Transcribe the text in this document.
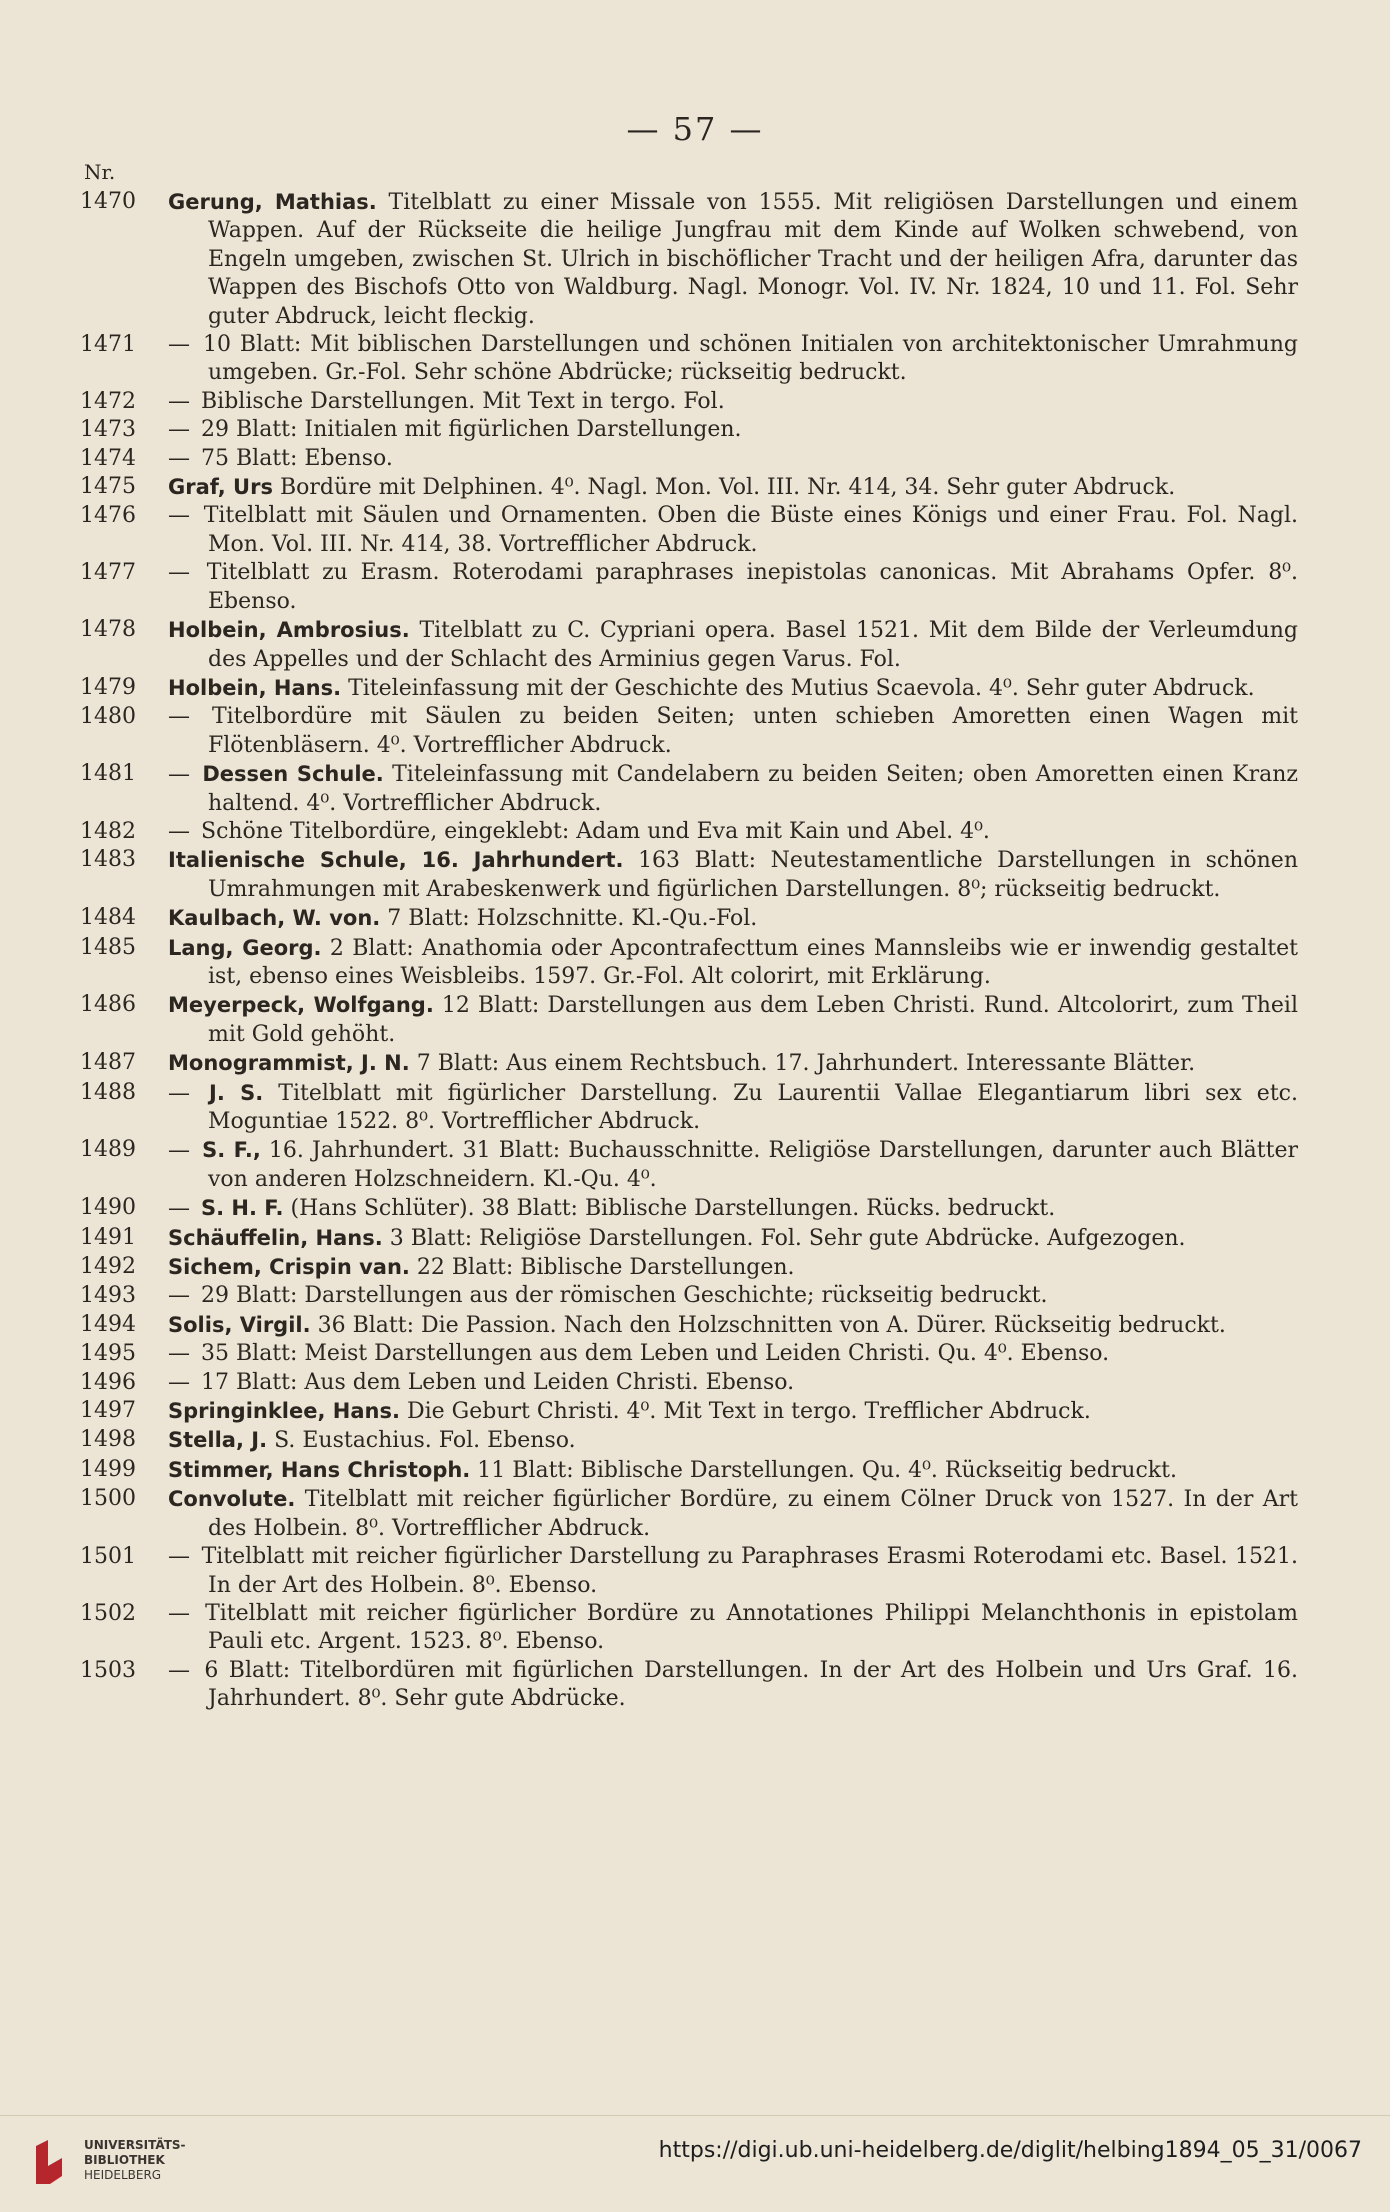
— 57 —
Nr.
1470 Gerung, Mathias. Titelblatt zu einer Missale von 1555. Mit religiösen Darstellungen und einem Wappen. Auf der Rückseite die heilige Jungfrau mit dem Kinde auf Wolken schwebend, von Engeln umgeben, zwischen St. Ulrich in bischöflicher Tracht und der heiligen Afra, darunter das Wappen des Bischofs Otto von Waldburg. Nagl. Monogr. Vol. IV. Nr. 1824, 10 und 11. Fol. Sehr guter Abdruck, leicht fleckig.
1471 — 10 Blatt: Mit biblischen Darstellungen und schönen Initialen von architektonischer Umrahmung umgeben. Gr.-Fol. Sehr schöne Abdrücke; rückseitig bedruckt.
1472 — Biblische Darstellungen. Mit Text in tergo. Fol.
1473 — 29 Blatt: Initialen mit figürlichen Darstellungen.
1474 — 75 Blatt: Ebenso.
1475 Graf, Urs Bordüre mit Delphinen. 4⁰. Nagl. Mon. Vol. III. Nr. 414, 34. Sehr guter Abdruck.
1476 — Titelblatt mit Säulen und Ornamenten. Oben die Büste eines Königs und einer Frau. Fol. Nagl. Mon. Vol. III. Nr. 414, 38. Vortrefflicher Abdruck.
1477 — Titelblatt zu Erasm. Roterodami paraphrases inepistolas canonicas. Mit Abrahams Opfer. 8⁰. Ebenso.
1478 Holbein, Ambrosius. Titelblatt zu C. Cypriani opera. Basel 1521. Mit dem Bilde der Verleumdung des Appelles und der Schlacht des Arminius gegen Varus. Fol.
1479 Holbein, Hans. Titeleinfassung mit der Geschichte des Mutius Scaevola. 4⁰. Sehr guter Abdruck.
1480 — Titelbordüre mit Säulen zu beiden Seiten; unten schieben Amoretten einen Wagen mit Flötenbläsern. 4⁰. Vortrefflicher Abdruck.
1481 — Dessen Schule. Titeleinfassung mit Candelabern zu beiden Seiten; oben Amoretten einen Kranz haltend. 4⁰. Vortrefflicher Abdruck.
1482 — Schöne Titelbordüre, eingeklebt: Adam und Eva mit Kain und Abel. 4⁰.
1483 Italienische Schule, 16. Jahrhundert. 163 Blatt: Neutestamentliche Darstellungen in schönen Umrahmungen mit Arabeskenwerk und figürlichen Darstellungen. 8⁰; rückseitig bedruckt.
1484 Kaulbach, W. von. 7 Blatt: Holzschnitte. Kl.-Qu.-Fol.
1485 Lang, Georg. 2 Blatt: Anathomia oder Apcontrafecttum eines Mannsleibs wie er inwendig gestaltet ist, ebenso eines Weisbleibs. 1597. Gr.-Fol. Alt colorirt, mit Erklärung.
1486 Meyerpeck, Wolfgang. 12 Blatt: Darstellungen aus dem Leben Christi. Rund. Altcolorirt, zum Theil mit Gold gehöht.
1487 Monogrammist, J. N. 7 Blatt: Aus einem Rechtsbuch. 17. Jahrhundert. Interessante Blätter.
1488 — J. S. Titelblatt mit figürlicher Darstellung. Zu Laurentii Vallae Elegantiarum libri sex etc. Moguntiae 1522. 8⁰. Vortrefflicher Abdruck.
1489 — S. F., 16. Jahrhundert. 31 Blatt: Buchausschnitte. Religiöse Darstellungen, darunter auch Blätter von anderen Holzschneidern. Kl.-Qu. 4⁰.
1490 — S. H. F. (Hans Schlüter). 38 Blatt: Biblische Darstellungen. Rücks. bedruckt.
1491 Schäuffelin, Hans. 3 Blatt: Religiöse Darstellungen. Fol. Sehr gute Abdrücke. Aufgezogen.
1492 Sichem, Crispin van. 22 Blatt: Biblische Darstellungen.
1493 — 29 Blatt: Darstellungen aus der römischen Geschichte; rückseitig bedruckt.
1494 Solis, Virgil. 36 Blatt: Die Passion. Nach den Holzschnitten von A. Dürer. Rückseitig bedruckt.
1495 — 35 Blatt: Meist Darstellungen aus dem Leben und Leiden Christi. Qu. 4⁰. Ebenso.
1496 — 17 Blatt: Aus dem Leben und Leiden Christi. Ebenso.
1497 Springinklee, Hans. Die Geburt Christi. 4⁰. Mit Text in tergo. Trefflicher Abdruck.
1498 Stella, J. S. Eustachius. Fol. Ebenso.
1499 Stimmer, Hans Christoph. 11 Blatt: Biblische Darstellungen. Qu. 4⁰. Rückseitig bedruckt.
1500 Convolute. Titelblatt mit reicher figürlicher Bordüre, zu einem Cölner Druck von 1527. In der Art des Holbein. 8⁰. Vortrefflicher Abdruck.
1501 — Titelblatt mit reicher figürlicher Darstellung zu Paraphrases Erasmi Roterodami etc. Basel. 1521. In der Art des Holbein. 8⁰. Ebenso.
1502 — Titelblatt mit reicher figürlicher Bordüre zu Annotationes Philippi Melanchthonis in epistolam Pauli etc. Argent. 1523. 8⁰. Ebenso.
1503 — 6 Blatt: Titelbordüren mit figürlichen Darstellungen. In der Art des Holbein und Urs Graf. 16. Jahrhundert. 8⁰. Sehr gute Abdrücke.
UNIVERSITÄTS-
BIBLIOTHEK
HEIDELBERG
https://digi.ub.uni-heidelberg.de/diglit/helbing1894_05_31/0067
